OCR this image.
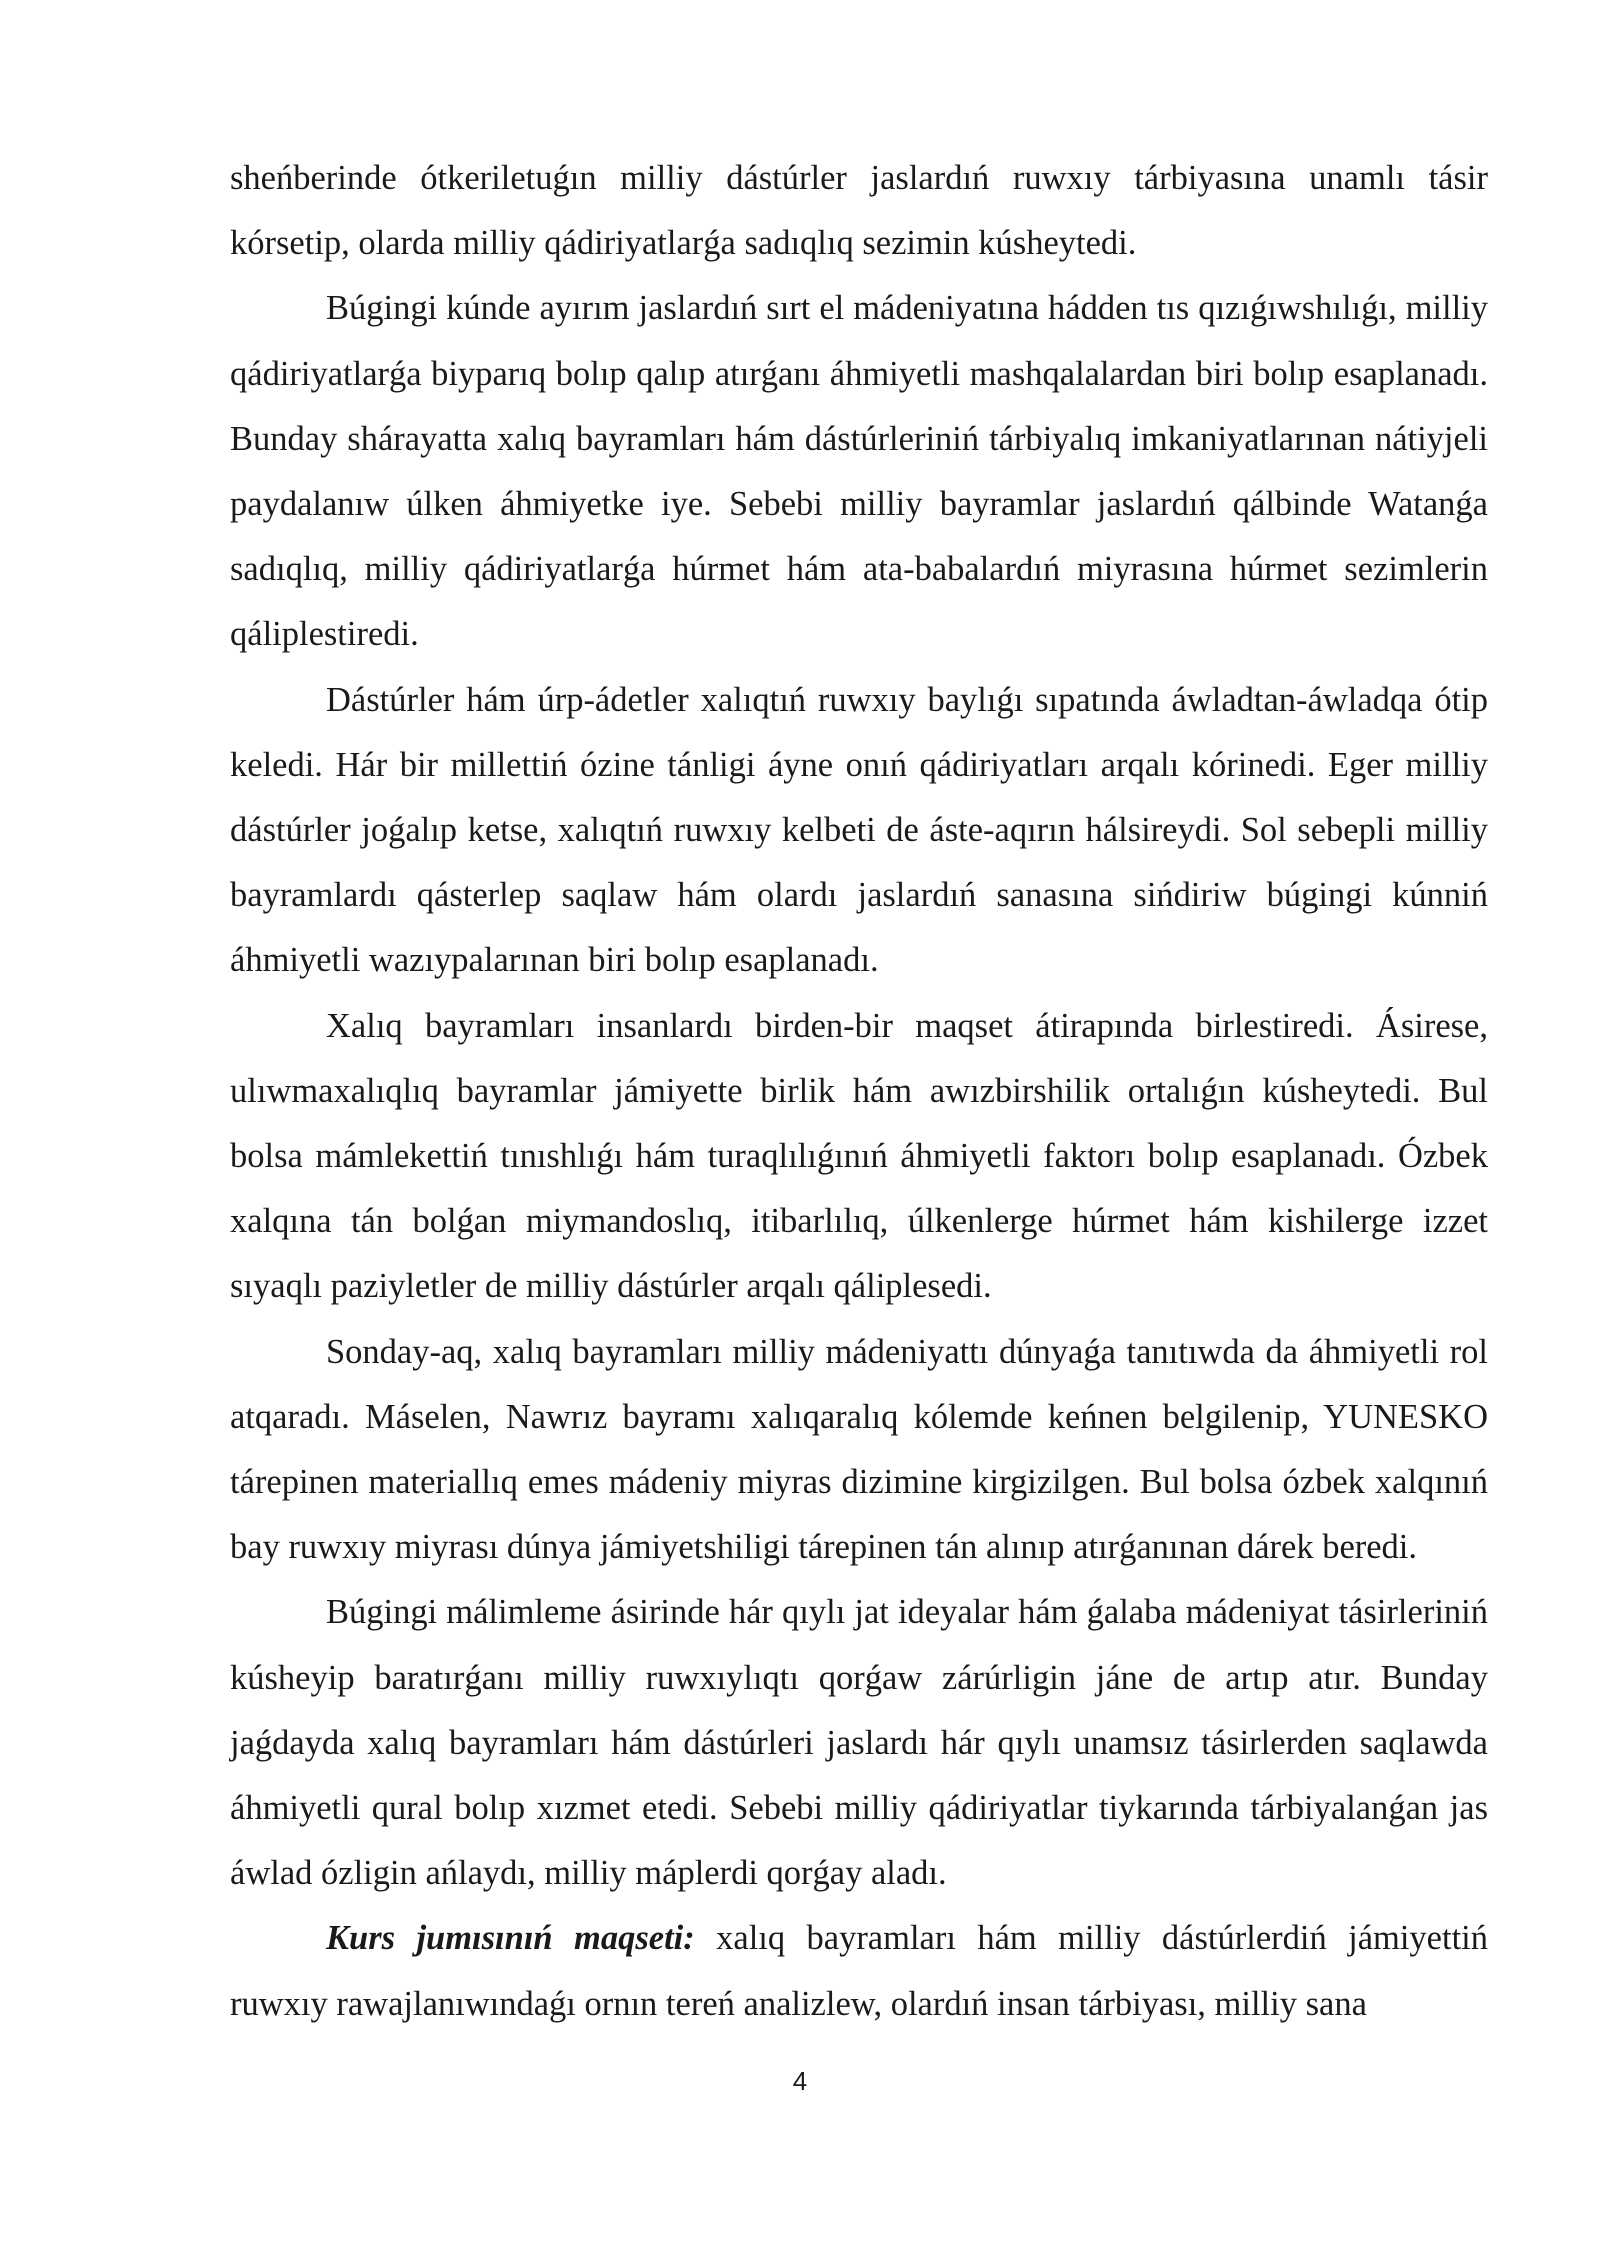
sheńberinde ótkeriletuǵın milliy dástúrler jaslardıń ruwxıy tárbiyasına unamlı tásir kórsetip, olarda milliy qádiriyatlarǵa sadıqlıq sezimin kúsheytedi.

Búgingi kúnde ayırım jaslardıń sırt el mádeniyatına hádden tıs qızıǵıwshılıǵı, milliy qádiriyatlarǵa biyparıq bolıp qalıp atırǵanı áhmiyetli mashqalalardan biri bolıp esaplanadı. Bunday shárayatta xalıq bayramları hám dástúrleriniń tárbiyalıq imkaniyatlarınan nátiyjeli paydalanıw úlken áhmiyetke iye. Sebebi milliy bayramlar jaslardıń qálbinde Watanǵa sadıqlıq, milliy qádiriyatlarǵa húrmet hám ata-babalardıń miyrasına húrmet sezimlerin qáliplestiredi.

Dástúrler hám úrp-ádetler xalıqtıń ruwxıy baylıǵı sıpatında áwladtan-áwladqa ótip keledi. Hár bir millettiń ózine tánligi áyne onıń qádiriyatları arqalı kórinedi. Eger milliy dástúrler joǵalıp ketse, xalıqtıń ruwxıy kelbeti de áste-aqırın hálsireydi. Sol sebepli milliy bayramlardı qásterlep saqlaw hám olardı jaslardıń sanasına sińdiriw búgingi kúnniń áhmiyetli wazıypalarınan biri bolıp esaplanadı.

Xalıq bayramları insanlardı birden-bir maqset átirapında birlestiredi. Ásirese, ulıwmaxalıqlıq bayramlar jámiyette birlik hám awızbirshilik ortalıǵın kúsheytedi. Bul bolsa mámlekettiń tınıshlıǵı hám turaqlılıǵınıń áhmiyetli faktorı bolıp esaplanadı. Ózbek xalqına tán bolǵan miymandoslıq, itibarlılıq, úlkenlerge húrmet hám kishilerge izzet sıyaqlı paziyletler de milliy dástúrler arqalı qáliplesedi.

Sonday-aq, xalıq bayramları milliy mádeniyattı dúnyaǵa tanıtıwda da áhmiyetli rol atqaradı. Máselen, Nawrız bayramı xalıqaralıq kólemde keńnen belgilenip, YUNESKO tárepinen materiallıq emes mádeniy miyras dizimine kirgizilgen. Bul bolsa ózbek xalqınıń bay ruwxıy miyrası dúnya jámiyetshiligi tárepinen tán alınıp atırǵanınan dárek beredi.

Búgingi málimleme ásirinde hár qıylı jat ideyalar hám ǵalaba mádeniyat tásirleriniń kúsheyip baratırǵanı milliy ruwxıylıqtı qorǵaw zárúrligin jáne de artıp atır. Bunday jaǵdayda xalıq bayramları hám dástúrleri jaslardı hár qıylı unamsız tásirlerden saqlawda áhmiyetli qural bolıp xızmet etedi. Sebebi milliy qádiriyatlar tiykarında tárbiyalanǵan jas áwlad ózligin ańlaydı, milliy máplerdi qorǵay aladı.

Kurs jumısınıń maqseti: xalıq bayramları hám milliy dástúrlerdiń jámiyettiń ruwxıy rawajlanıwındaǵı ornın tereń analizlew, olardıń insan tárbiyası, milliy sana

4
